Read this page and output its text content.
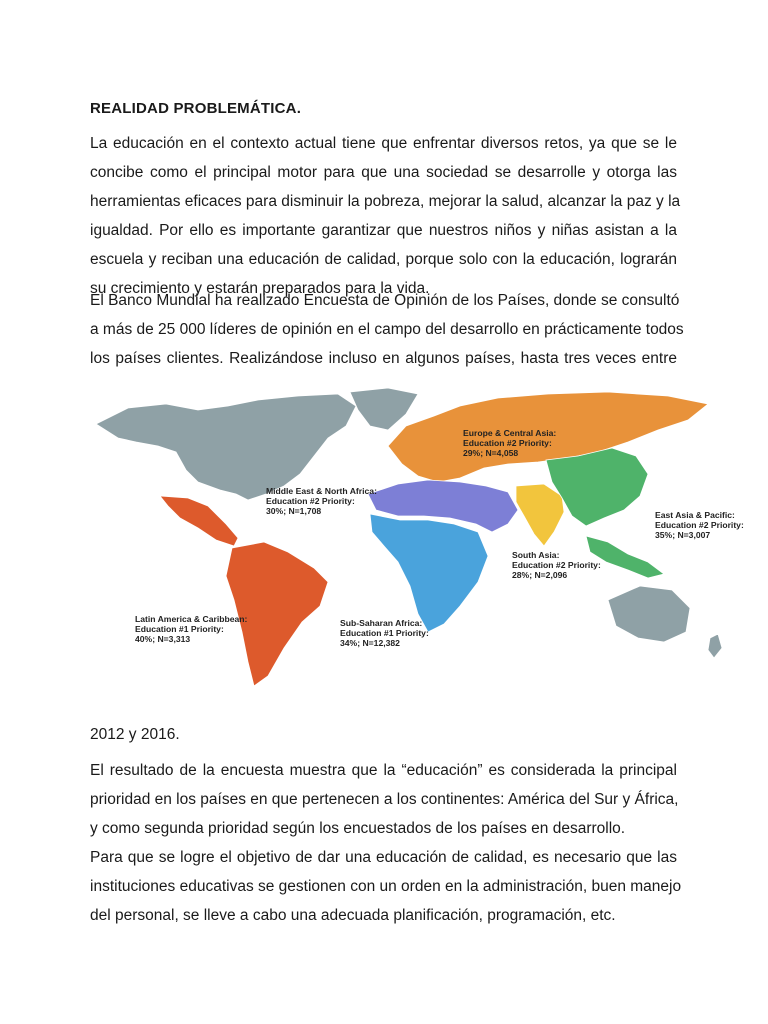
REALIDAD PROBLEMÁTICA.

La educación en el contexto actual tiene que enfrentar diversos retos, ya que se le
concibe como el principal motor para que una sociedad se desarrolle y otorga las
herramientas eficaces para disminuir la pobreza, mejorar la salud, alcanzar la paz y la
igualdad. Por ello es importante garantizar que nuestros niños y niñas asistan a la
escuela y reciban una educación de calidad, porque solo con la educación, lograrán
su crecimiento y estarán preparados para la vida.

El Banco Mundial ha realizado Encuesta de Opinión de los Países, donde se consultó
a más de 25 000 líderes de opinión en el campo del desarrollo en prácticamente todos
los países clientes. Realizándose incluso en algunos países, hasta tres veces entre

Europe & Central Asia:
Education #2 Priority:
29%; N=4,058
Middle East & North Africa:
Education #2 Priority:
30%; N=1,708	East Asia & Pacific:
Education #2 Priority:
35%; N=3,007
South Asia:
Education #2 Priority:
28%; N=2,096
Latin America & Caribbean:
Education #1 Priority:
40%; N=3,313
Sub-Saharan Africa:
Education #1 Priority:
34%; N=12,382

2012 y 2016.

El resultado de la encuesta muestra que la “educación” es considerada la principal
prioridad en los países en que pertenecen a los continentes: América del Sur y África,
y como segunda prioridad según los encuestados de los países en desarrollo.

Para que se logre el objetivo de dar una educación de calidad, es necesario que las
instituciones educativas se gestionen con un orden en la administración, buen manejo
del personal, se lleve a cabo una adecuada planificación, programación, etc.
